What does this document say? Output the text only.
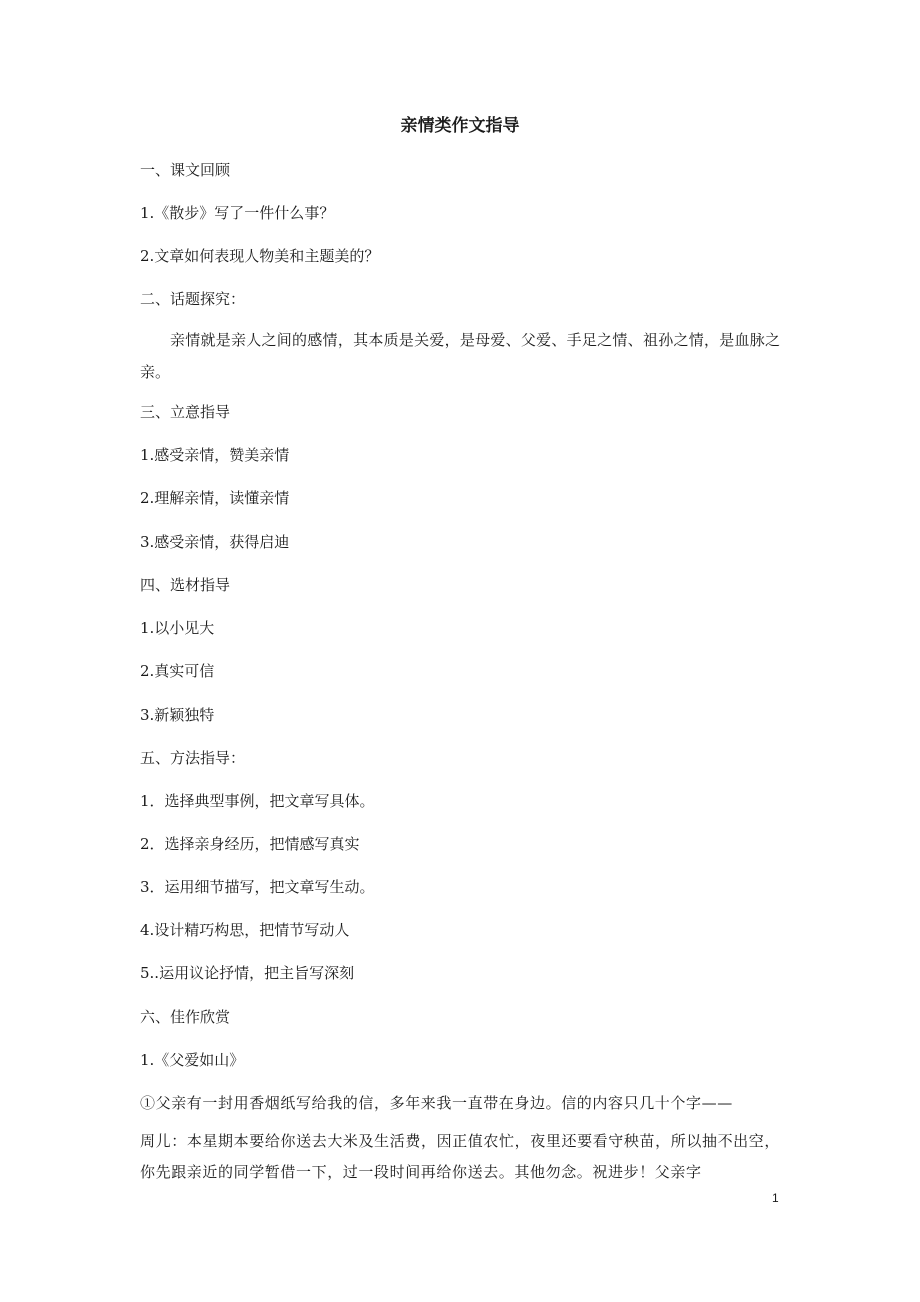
亲情类作文指导
一、课文回顾
1.《散步》写了一件什么事？
2.文章如何表现人物美和主题美的？
二、话题探究：
亲情就是亲人之间的感情，其本质是关爱，是母爱、父爱、手足之情、祖孙之情，是血脉之亲。
三、立意指导
1.感受亲情，赞美亲情
2.理解亲情，读懂亲情
3.感受亲情，获得启迪
四、选材指导
1.以小见大
2.真实可信
3.新颖独特
五、方法指导：
1．选择典型事例，把文章写具体。
2．选择亲身经历，把情感写真实
3．运用细节描写，把文章写生动。
4.设计精巧构思，把情节写动人
5..运用议论抒情，把主旨写深刻
六、佳作欣赏
1.《父爱如山》
①父亲有一封用香烟纸写给我的信，多年来我一直带在身边。信的内容只几十个字——
周儿：本星期本要给你送去大米及生活费，因正值农忙，夜里还要看守秧苗，所以抽不出空，你先跟亲近的同学暂借一下，过一段时间再给你送去。其他勿念。祝进步！父亲字
1
